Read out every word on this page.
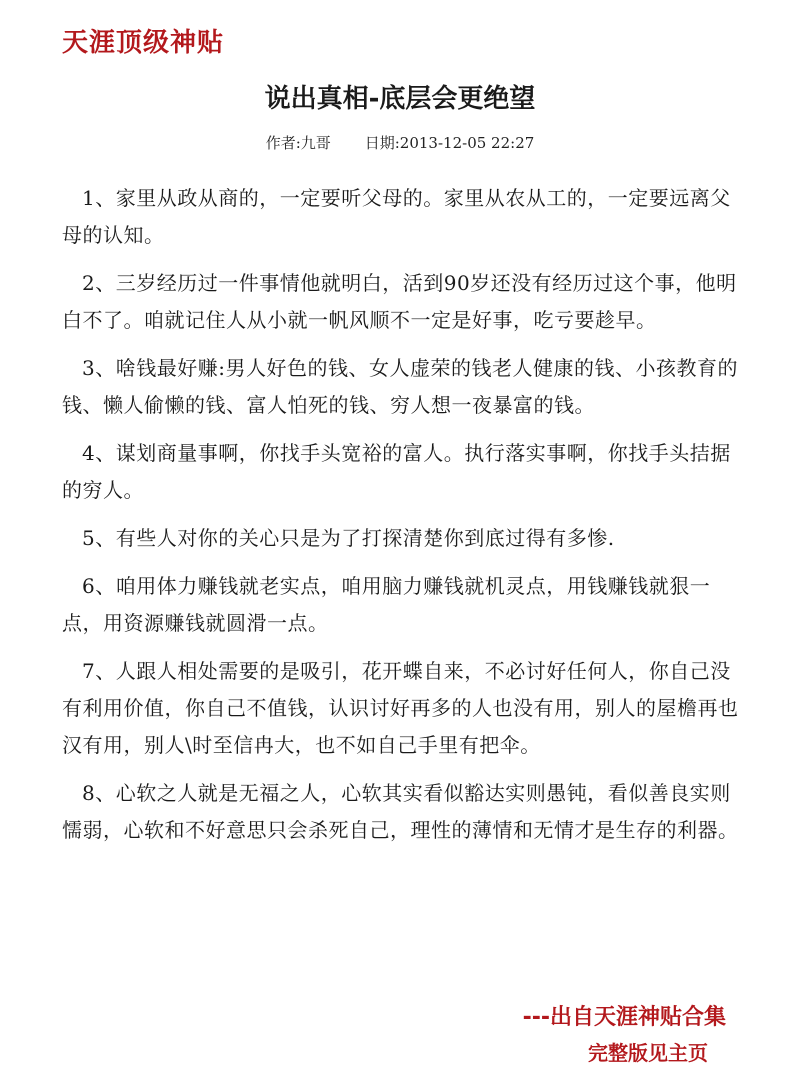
天涯顶级神贴
说出真相-底层会更绝望
作者:九哥 日期:2013-12-05 22:27

1、家里从政从商的，一定要听父母的。家里从农从工的，一定要远离父母的认知。

2、三岁经历过一件事情他就明白，活到90岁还没有经历过这个事，他明白不了。咱就记住人从小就一帆风顺不一定是好事，吃亏要趁早。

3、啥钱最好赚:男人好色的钱、女人虚荣的钱老人健康的钱、小孩教育的钱、懒人偷懒的钱、富人怕死的钱、穷人想一夜暴富的钱。

4、谋划商量事啊，你找手头宽裕的富人。执行落实事啊，你找手头拮据的穷人。

5、有些人对你的关心只是为了打探清楚你到底过得有多惨.

6、咱用体力赚钱就老实点，咱用脑力赚钱就机灵点，用钱赚钱就狠一点，用资源赚钱就圆滑一点。

7、人跟人相处需要的是吸引，花开蝶自来，不必讨好任何人，你自己没有利用价值，你自己不值钱，认识讨好再多的人也没有用，别人的屋檐再也汉有用，别人\时至信冉大，也不如自己手里有把伞。

8、心软之人就是无福之人，心软其实看似豁达实则愚钝，看似善良实则懦弱，心软和不好意思只会杀死自己，理性的薄情和无情才是生存的利器。

---出自天涯神贴合集
完整版见主页
